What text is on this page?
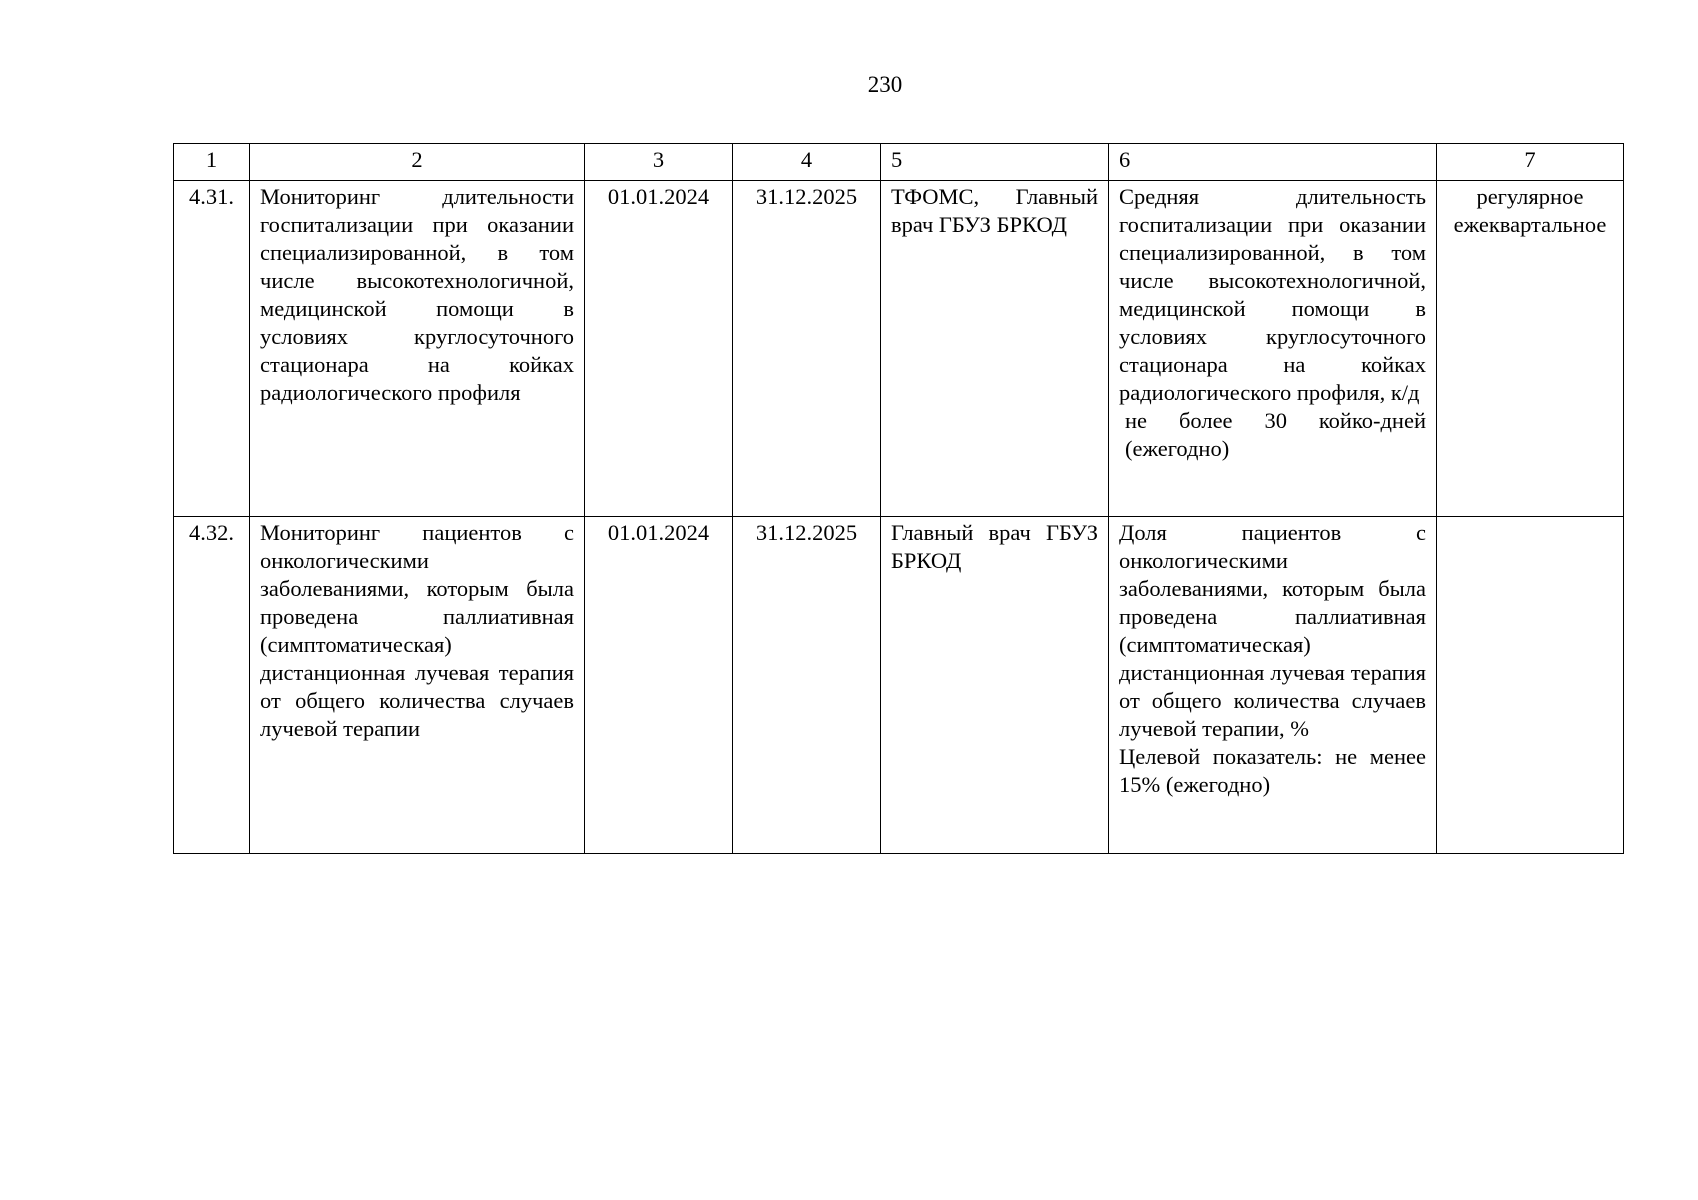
230
1	2	3	4	5	6	7
4.31.	Мониторинг длительности госпитализации при оказании специализированной, в том числе высокотехнологичной, медицинской помощи в условиях круглосуточного стационара на койках радиологического профиля	01.01.2024	31.12.2025	ТФОМС, Главный врач ГБУЗ БРКОД	Средняя длительность госпитализации при оказании специализированной, в том числе высокотехнологичной, медицинской помощи в условиях круглосуточного стационара на койках радиологического профиля, к/д
не более 30 койко-дней (ежегодно)	регулярное ежеквартальное
4.32.	Мониторинг пациентов с онкологическими заболеваниями, которым была проведена паллиативная (симптоматическая) дистанционная лучевая терапия от общего количества случаев лучевой терапии	01.01.2024	31.12.2025	Главный врач ГБУЗ БРКОД	Доля пациентов с онкологическими заболеваниями, которым была проведена паллиативная (симптоматическая) дистанционная лучевая терапия от общего количества случаев лучевой терапии, %
Целевой показатель: не менее 15% (ежегодно)	
